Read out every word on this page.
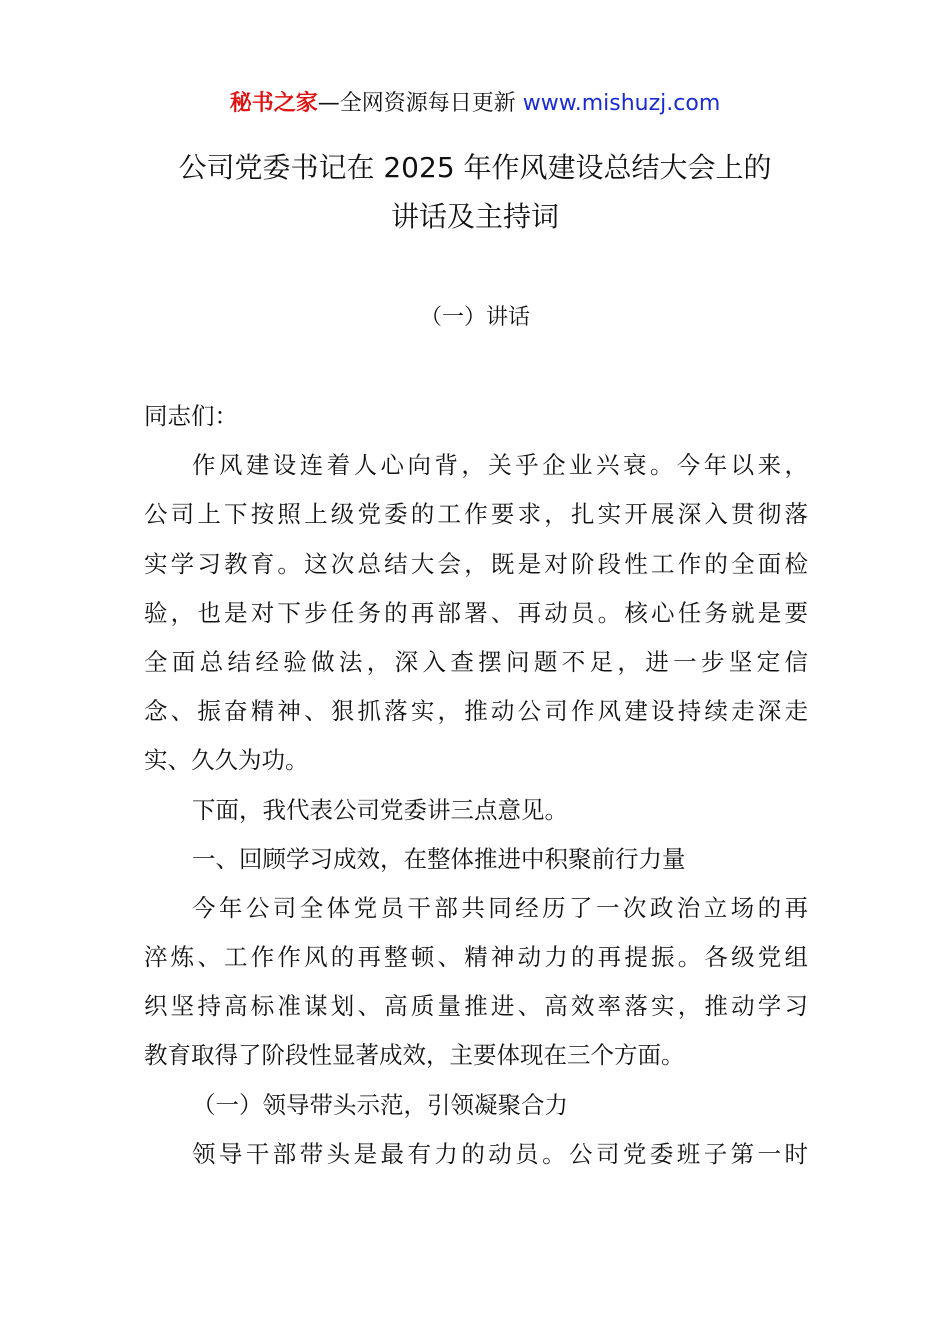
秘书之家—全网资源每日更新 www.mishuzj.com
公司党委书记在 2025 年作风建设总结大会上的
讲话及主持词
（一）讲话
同志们：
作风建设连着人心向背，关乎企业兴衰。今年以来，
公司上下按照上级党委的工作要求，扎实开展深入贯彻落
实学习教育。这次总结大会，既是对阶段性工作的全面检
验，也是对下步任务的再部署、再动员。核心任务就是要
全面总结经验做法，深入查摆问题不足，进一步坚定信
念、振奋精神、狠抓落实，推动公司作风建设持续走深走
实、久久为功。
下面，我代表公司党委讲三点意见。
一、回顾学习成效，在整体推进中积聚前行力量
今年公司全体党员干部共同经历了一次政治立场的再
淬炼、工作作风的再整顿、精神动力的再提振。各级党组
织坚持高标准谋划、高质量推进、高效率落实，推动学习
教育取得了阶段性显著成效，主要体现在三个方面。
（一）领导带头示范，引领凝聚合力
领导干部带头是最有力的动员。公司党委班子第一时
